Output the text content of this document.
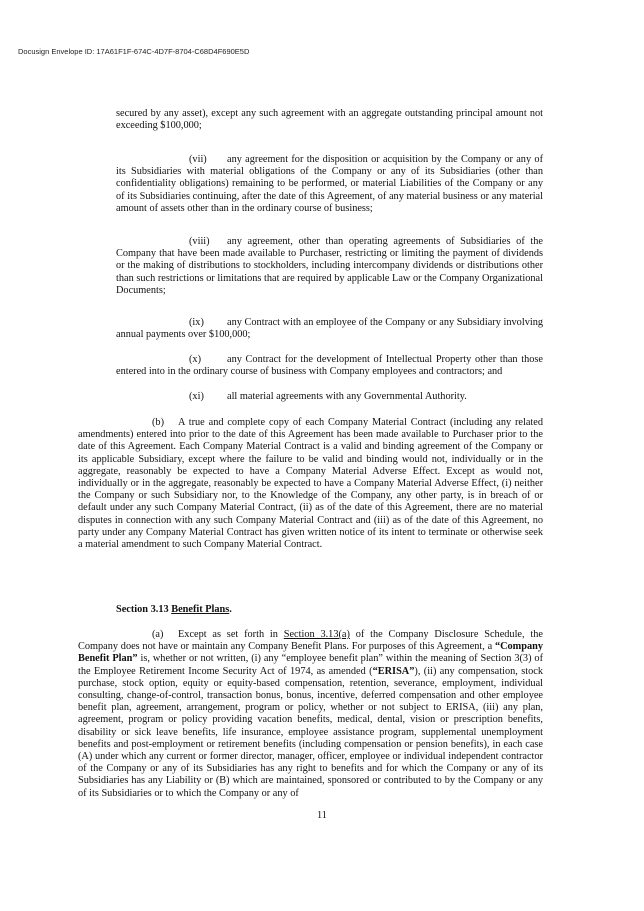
Docusign Envelope ID: 17A61F1F-674C-4D7F-8704-C68D4F690E5D

secured by any asset), except any such agreement with an aggregate outstanding principal amount not exceeding $100,000;

(vii) any agreement for the disposition or acquisition by the Company or any of its Subsidiaries with material obligations of the Company or any of its Subsidiaries (other than confidentiality obligations) remaining to be performed, or material Liabilities of the Company or any of its Subsidiaries continuing, after the date of this Agreement, of any material business or any material amount of assets other than in the ordinary course of business;

(viii) any agreement, other than operating agreements of Subsidiaries of the Company that have been made available to Purchaser, restricting or limiting the payment of dividends or the making of distributions to stockholders, including intercompany dividends or distributions other than such restrictions or limitations that are required by applicable Law or the Company Organizational Documents;

(ix) any Contract with an employee of the Company or any Subsidiary involving annual payments over $100,000;

(x)	any Contract for the development of Intellectual Property other than those entered into in the ordinary course of business with Company employees and contractors; and

(xi) all material agreements with any Governmental Authority.

(b) A true and complete copy of each Company Material Contract (including any related amendments) entered into prior to the date of this Agreement has been made available to Purchaser prior to the date of this Agreement. Each Company Material Contract is a valid and binding agreement of the Company or its applicable Subsidiary, except where the failure to be valid and binding would not, individually or in the aggregate, reasonably be expected to have a Company Material Adverse Effect. Except as would not, individually or in the aggregate, reasonably be expected to have a Company Material Adverse Effect, (i) neither the Company or such Subsidiary nor, to the Knowledge of the Company, any other party, is in breach of or default under any such Company Material Contract, (ii) as of the date of this Agreement, there are no material disputes in connection with any such Company Material Contract and (iii) as of the date of this Agreement, no party under any Company Material Contract has given written notice of its intent to terminate or otherwise seek a material amendment to such Company Material Contract.

Section 3.13 Benefit Plans.

(a) Except as set forth in Section 3.13(a) of the Company Disclosure Schedule, the Company does not have or maintain any Company Benefit Plans. For purposes of this Agreement, a “Company Benefit Plan” is, whether or not written, (i) any “employee benefit plan” within the meaning of Section 3(3) of the Employee Retirement Income Security Act of 1974, as amended (“ERISA”), (ii) any compensation, stock purchase, stock option, equity or equity-based compensation, retention, severance, employment, individual consulting, change-of-control, transaction bonus, bonus, incentive, deferred compensation and other employee benefit plan, agreement, arrangement, program or policy, whether or not subject to ERISA, (iii) any plan, agreement, program or policy providing vacation benefits, medical, dental, vision or prescription benefits, disability or sick leave benefits, life insurance, employee assistance program, supplemental unemployment benefits and post-employment or retirement benefits (including compensation or pension benefits), in each case (A) under which any current or former director, manager, officer, employee or individual independent contractor of the Company or any of its Subsidiaries has any right to benefits and for which the Company or any of its Subsidiaries has any Liability or (B) which are maintained, sponsored or contributed to by the Company or any of its Subsidiaries or to which the Company or any of

11
